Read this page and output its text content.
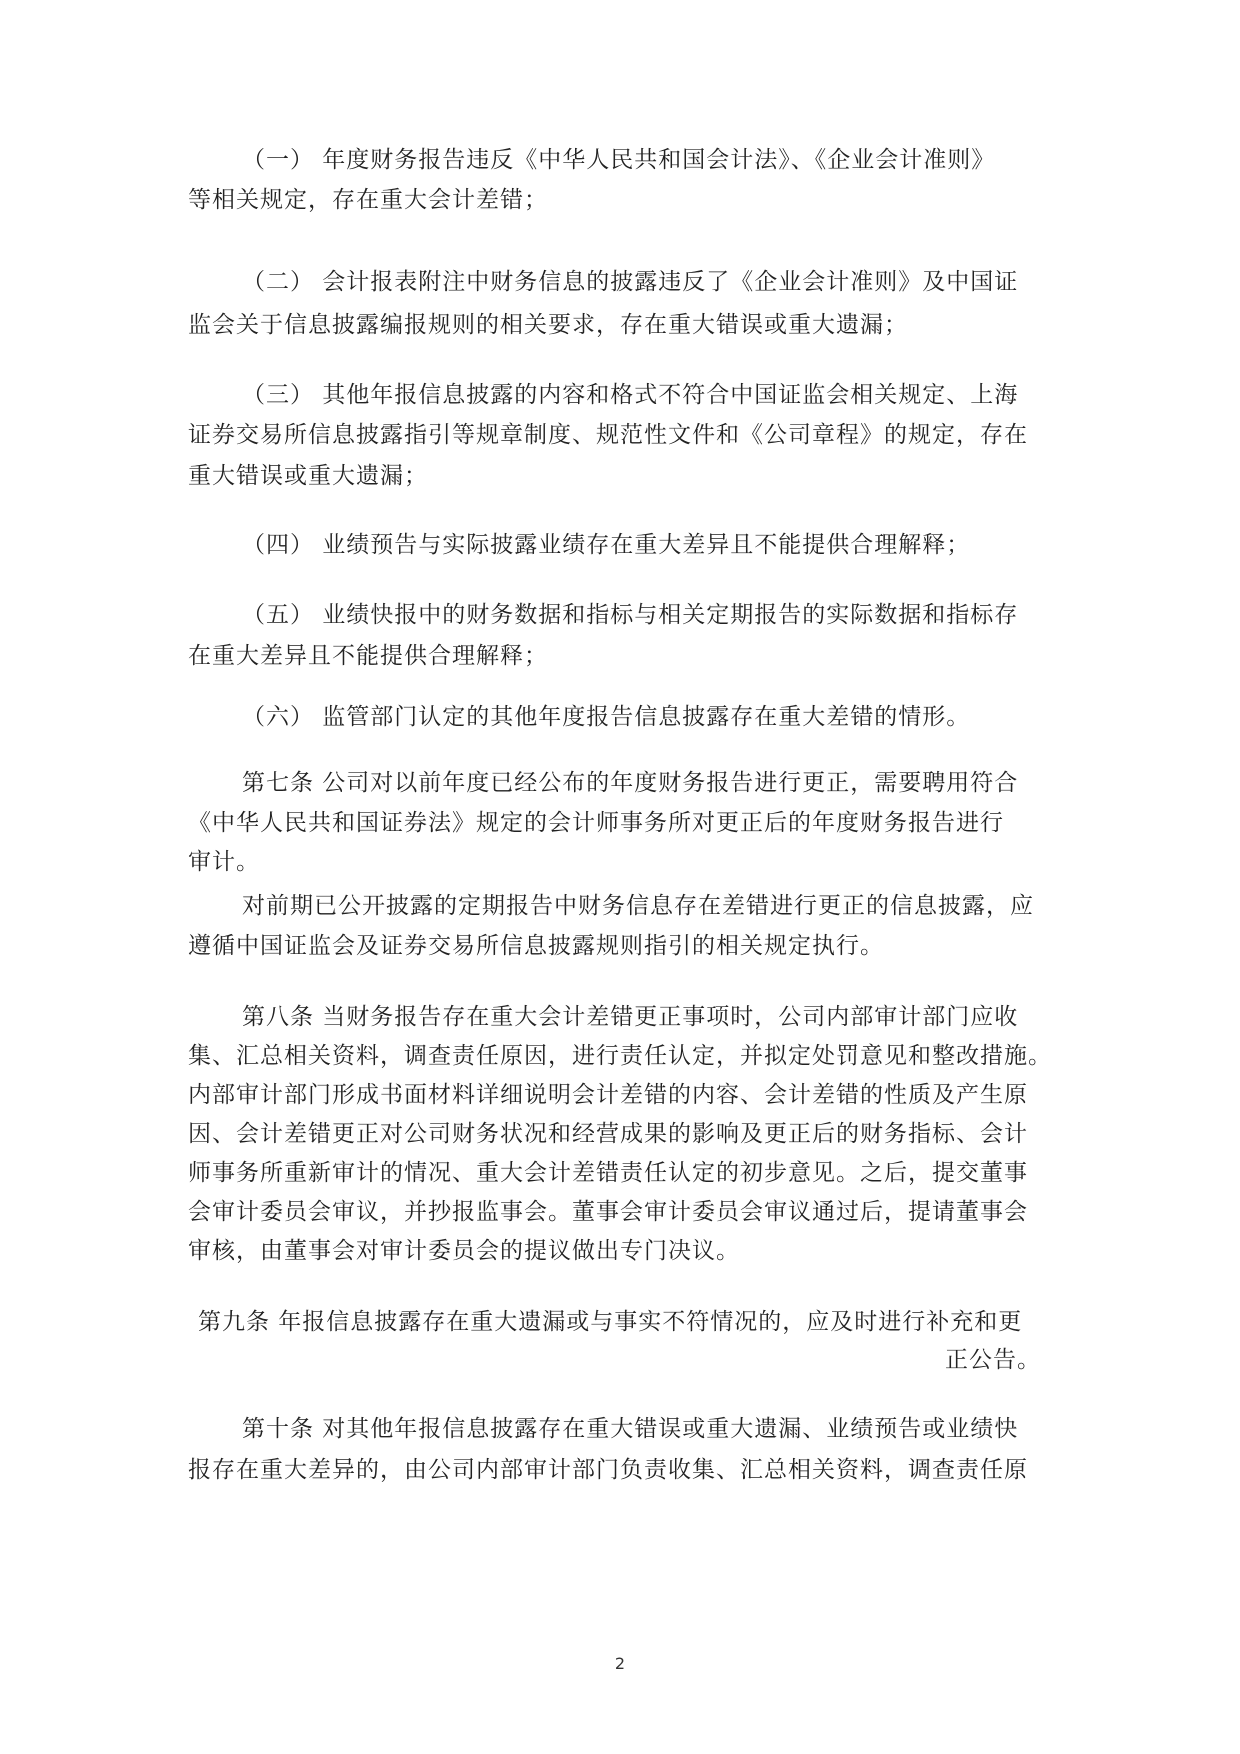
（一） 年度财务报告违反《中华人民共和国会计法》、《企业会计准则》
等相关规定，存在重大会计差错；
（二） 会计报表附注中财务信息的披露违反了《企业会计准则》及中国证
监会关于信息披露编报规则的相关要求，存在重大错误或重大遗漏；
（三） 其他年报信息披露的内容和格式不符合中国证监会相关规定、上海
证券交易所信息披露指引等规章制度、规范性文件和《公司章程》的规定，存在
重大错误或重大遗漏；
（四） 业绩预告与实际披露业绩存在重大差异且不能提供合理解释；
（五） 业绩快报中的财务数据和指标与相关定期报告的实际数据和指标存
在重大差异且不能提供合理解释；
（六） 监管部门认定的其他年度报告信息披露存在重大差错的情形。
第七条 公司对以前年度已经公布的年度财务报告进行更正，需要聘用符合
《中华人民共和国证券法》规定的会计师事务所对更正后的年度财务报告进行
审计。
对前期已公开披露的定期报告中财务信息存在差错进行更正的信息披露，应
遵循中国证监会及证券交易所信息披露规则指引的相关规定执行。
第八条 当财务报告存在重大会计差错更正事项时，公司内部审计部门应收
集、汇总相关资料，调查责任原因，进行责任认定，并拟定处罚意见和整改措施。
内部审计部门形成书面材料详细说明会计差错的内容、会计差错的性质及产生原
因、会计差错更正对公司财务状况和经营成果的影响及更正后的财务指标、会计
师事务所重新审计的情况、重大会计差错责任认定的初步意见。之后，提交董事
会审计委员会审议，并抄报监事会。董事会审计委员会审议通过后，提请董事会
审核，由董事会对审计委员会的提议做出专门决议。
第九条 年报信息披露存在重大遗漏或与事实不符情况的，应及时进行补充和更
正公告。
第十条 对其他年报信息披露存在重大错误或重大遗漏、业绩预告或业绩快
报存在重大差异的，由公司内部审计部门负责收集、汇总相关资料，调查责任原
2
